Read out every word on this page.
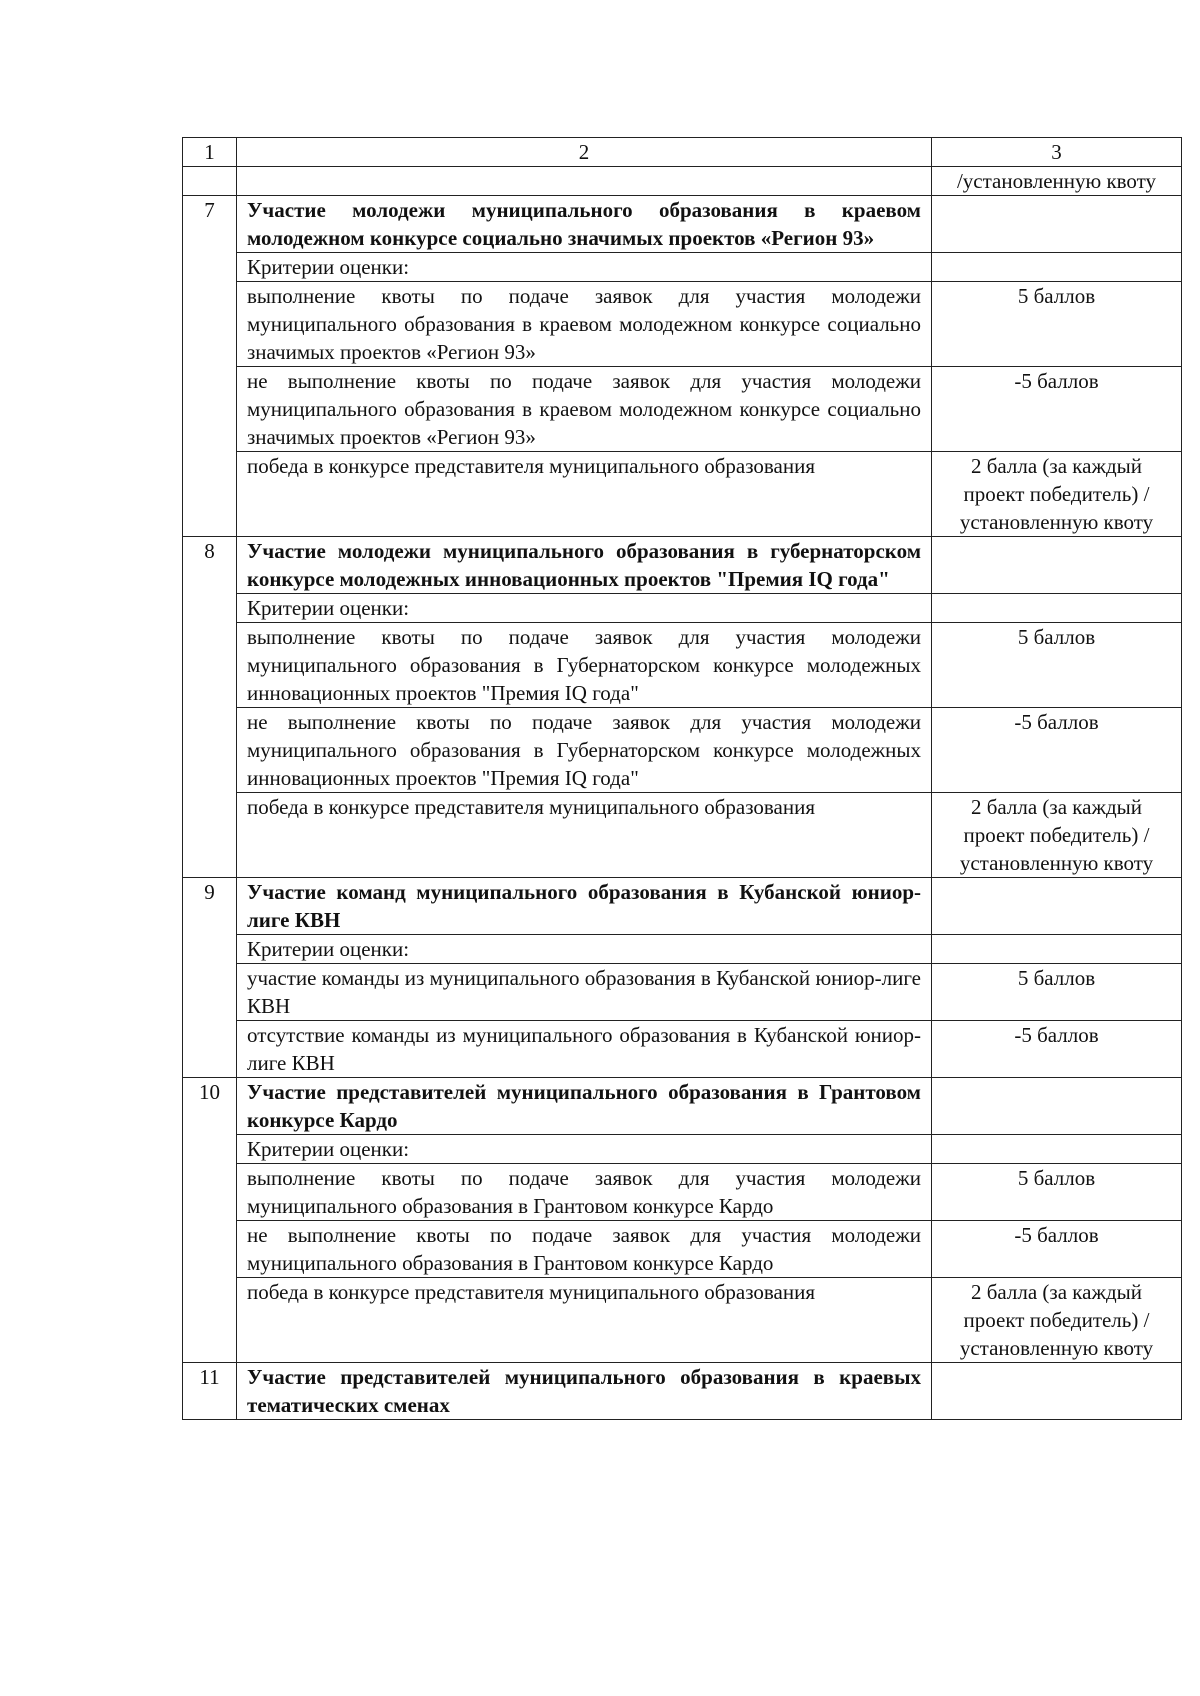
1	2	3
		/установленную квоту
7	Участие молодежи муниципального образования в краевом молодежном конкурсе социально значимых проектов «Регион 93»	
	Критерии оценки:	
	выполнение квоты по подаче заявок для участия молодежи муниципального образования в краевом молодежном конкурсе социально значимых проектов «Регион 93»	5 баллов
	не выполнение квоты по подаче заявок для участия молодежи муниципального образования в краевом молодежном конкурсе социально значимых проектов «Регион 93»	-5 баллов
	победа в конкурсе представителя муниципального образования	2 балла (за каждый проект победитель) /установленную квоту
8	Участие молодежи муниципального образования в губернаторском конкурсе молодежных инновационных проектов "Премия IQ года"	
	Критерии оценки:	
	выполнение квоты по подаче заявок для участия молодежи муниципального образования в Губернаторском конкурсе молодежных инновационных проектов "Премия IQ года"	5 баллов
	не выполнение квоты по подаче заявок для участия молодежи муниципального образования в Губернаторском конкурсе молодежных инновационных проектов "Премия IQ года"	-5 баллов
	победа в конкурсе представителя муниципального образования	2 балла (за каждый проект победитель) /установленную квоту
9	Участие команд муниципального образования в Кубанской юниор-лиге КВН	
	Критерии оценки:	
	участие команды из муниципального образования в Кубанской юниор-лиге КВН	5 баллов
	отсутствие команды из муниципального образования в Кубанской юниор-лиге КВН	-5 баллов
10	Участие представителей муниципального образования в Грантовом конкурсе Кардо	
	Критерии оценки:	
	выполнение квоты по подаче заявок для участия молодежи муниципального образования в Грантовом конкурсе Кардо	5 баллов
	не выполнение квоты по подаче заявок для участия молодежи муниципального образования в Грантовом конкурсе Кардо	-5 баллов
	победа в конкурсе представителя муниципального образования	2 балла (за каждый проект победитель) /установленную квоту
11	Участие представителей муниципального образования в краевых тематических сменах	
